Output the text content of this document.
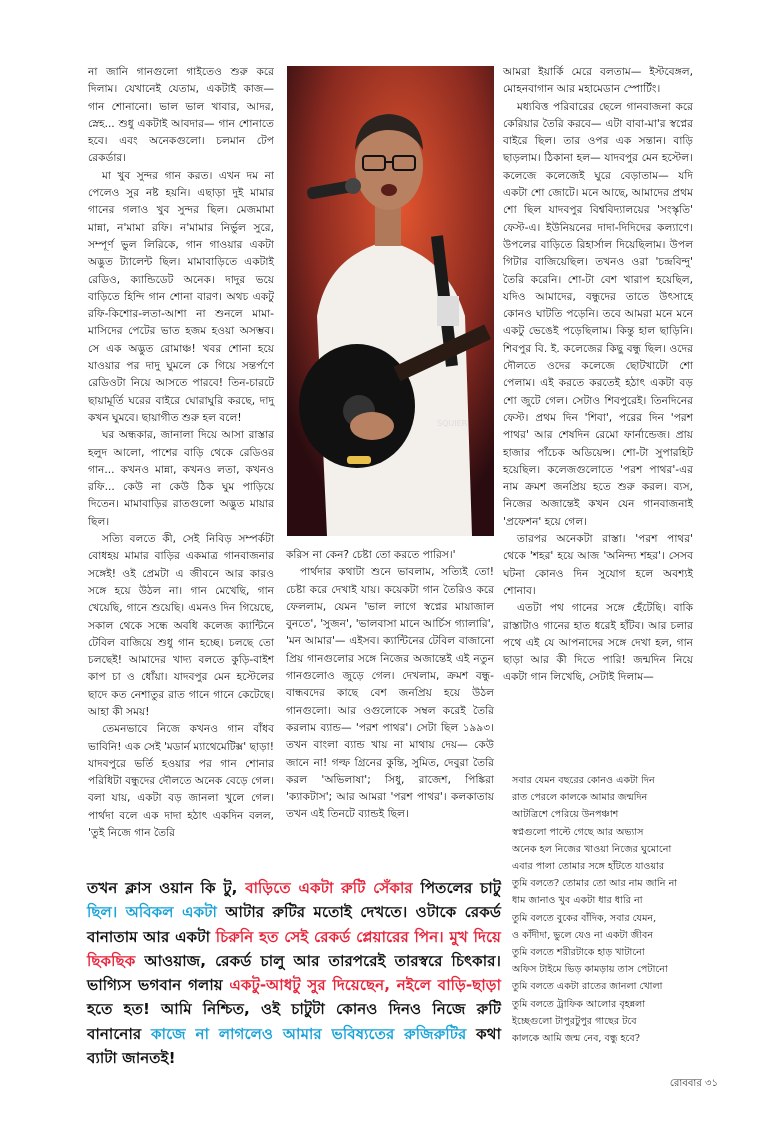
না জানি গানগুলো গাইতেও শুরু করে দিলাম। যেখানেই যেতাম, একটাই কাজ— গান শোনানো। ভাল ভাল খাবার, আদর, স্নেহ... শুধু একটাই আবদার— গান শোনাতে হবে। এবং অনেকগুলো। চলমান টেপ রেকর্ডার।

মা খুব সুন্দর গান করত। এখন দম না পেলেও সুর নষ্ট হয়নি। এছাড়া দুই মামার গানের গলাও খুব সুন্দর ছিল। মেজমামা মান্না, ন'মামা রফি। ন'মামার নির্ভুল সুরে, সম্পূর্ণ ভুল লিরিকে, গান গাওয়ার একটা অদ্ভুত ট্যালেন্ট ছিল। মামাবাড়িতে একটাই রেডিও, ক্যান্ডিডেট অনেক। দাদুর ভয়ে বাড়িতে হিন্দি গান শোনা বারণ। অথচ একটু রফি-কিশোর-লতা-আশা না শুনলে মামা-মাসিদের পেটের ভাত হজম হওয়া অসম্ভব। সে এক অদ্ভুত রোমাঞ্চ! খবর শোনা হয়ে যাওয়ার পর দাদু ঘুমলে কে গিয়ে সন্তর্পণে রেডিওটা নিয়ে আসতে পারবে! তিন-চারটে ছায়ামূর্তি ঘরের বাইরে ঘোরাঘুরি করছে, দাদু কখন ঘুমবে। ছায়াগীত শুরু হল বলে!

ঘর অন্ধকার, জানালা দিয়ে আসা রাস্তার হলুদ আলো, পাশের বাড়ি থেকে রেডিওর গান... কখনও মান্না, কখনও লতা, কখনও রফি... কেউ না কেউ ঠিক ঘুম পাড়িয়ে দিতেন। মামাবাড়ির রাতগুলো অদ্ভুত মায়ার ছিল।

সত্যি বলতে কী, সেই নিবিড় সম্পর্কটা বোধহয় মামার বাড়ির একমাত্র গানবাজনার সঙ্গেই! ওই প্রেমটা এ জীবনে আর কারও সঙ্গে হয়ে উঠল না। গান মেখেছি, গান খেয়েছি, গানে শুয়েছি। এমনও দিন গিয়েছে, সকাল থেকে সন্ধে অবধি কলেজ ক্যান্টিনে টেবিল বাজিয়ে শুধু গান হচ্ছে। চলছে তো চলছেই! আমাদের খাদ্য বলতে কুড়ি-বাইশ কাপ চা ও ধোঁয়া। যাদবপুর মেন হস্টেলের ছাদে কত নেশাতুর রাত গানে গানে কেটেছে। আহা কী সময়!

তেমনভাবে নিজে কখনও গান বাঁধব ভাবিনি! এক সেই 'মডার্ন ম্যাথেমেটিক্স' ছাড়া! যাদবপুরে ভর্তি হওয়ার পর গান শোনার পরিধিটা বন্ধুদের দৌলতে অনেক বেড়ে গেল। বলা যায়, একটা বড় জানলা খুলে গেল। পার্থদা বলে এক দাদা হঠাৎ একদিন বলল, 'তুই নিজে গান তৈরি

SQUIER

করিস না কেন? চেষ্টা তো করতে পারিস।'

পার্থদার কথাটা শুনে ভাবলাম, সত্যিই তো! চেষ্টা করে দেখাই যায়। কয়েকটা গান তৈরিও করে ফেললাম, যেমন 'ভাল লাগে স্বপ্নের মায়াজাল বুনতে', 'সুজন', 'ভালবাসা মানে আর্চিস গ্যালারি', 'মন আমার'— এইসব। ক্যান্টিনের টেবিল বাজানো প্রিয় গানগুলোর সঙ্গে নিজের অজান্তেই এই নতুন গানগুলোও জুড়ে গেল। দেখলাম, ক্রমশ বন্ধু-বান্ধবদের কাছে বেশ জনপ্রিয় হয়ে উঠল গানগুলো। আর ওগুলোকে সম্বল করেই তৈরি করলাম ব্যান্ড— 'পরশ পাথর'। সেটা ছিল ১৯৯৩। তখন বাংলা ব্যান্ড খায় না মাথায় দেয়— কেউ জানে না! গল্ফ গ্রিনের কুন্তি, সুমিত, দেবুরা তৈরি করল 'অভিলাষা'; সিধু, রাজেশ, পিঙ্কিরা 'ক্যাকটাস'; আর আমরা 'পরশ পাথর'। কলকাতায় তখন এই তিনটে ব্যান্ডই ছিল।

আমরা ইয়ার্কি মেরে বলতাম— ইস্টবেঙ্গল, মোহনবাগান আর মহামেডান স্পোর্টিং।

মধ্যবিত্ত পরিবারের ছেলে গানবাজনা করে কেরিয়ার তৈরি করবে— এটা বাবা-মা'র স্বপ্নের বাইরে ছিল। তার ওপর এক সন্তান। বাড়ি ছাড়লাম। ঠিকানা হল— যাদবপুর মেন হস্টেল। কলেজে কলেজেই ঘুরে বেড়াতাম— যদি একটা শো জোটে। মনে আছে, আমাদের প্রথম শো ছিল যাদবপুর বিশ্ববিদ্যালয়ের 'সংস্কৃতি' ফেস্ট-এ। ইউনিয়নের দাদা-দিদিদের কল্যাণে। উপলের বাড়িতে রিহার্সাল দিয়েছিলাম। উপল গিটার বাজিয়েছিল। তখনও ওরা 'চন্দ্রবিন্দু' তৈরি করেনি। শো-টা বেশ খারাপ হয়েছিল, যদিও আমাদের, বন্ধুদের তাতে উৎসাহে কোনও ঘাটতি পড়েনি। তবে আমরা মনে মনে একটু ভেঙেই পড়েছিলাম। কিন্তু হাল ছাড়িনি। শিবপুর বি. ই. কলেজের কিছু বন্ধু ছিল। ওদের দৌলতে ওদের কলেজে ছোটখাটো শো পেলাম। এই করতে করতেই হঠাৎ একটা বড় শো জুটে গেল। সেটাও শিবপুরেই। তিনদিনের ফেস্ট। প্রথম দিন 'শিবা', পরের দিন 'পরশ পাথর' আর শেষদিন রেমো ফার্নান্ডেজ। প্রায় হাজার পাঁচেক অডিয়েন্স। শো-টা সুপারহিট হয়েছিল। কলেজগুলোতে 'পরশ পাথর'-এর নাম ক্রমশ জনপ্রিয় হতে শুরু করল। ব্যস, নিজের অজান্তেই কখন যেন গানবাজনাই 'প্রফেশন' হয়ে গেল।

তারপর অনেকটা রাস্তা। 'পরশ পাথর' থেকে 'শহর' হয়ে আজ 'অনিন্দ্য শহর'। সেসব ঘটনা কোনও দিন সুযোগ হলে অবশ্যই শোনাব।

এতটা পথ গানের সঙ্গে হেঁটেছি। বাকি রাস্তাটাও গানের হাত ধরেই হাঁটব। আর চলার পথে এই যে আপনাদের সঙ্গে দেখা হল, গান ছাড়া আর কী দিতে পারি! জন্মদিন নিয়ে একটা গান লিখেছি, সেটাই দিলাম—

সবার যেমন বছরের কোনও একটা দিন
রাত পেরলে কালকে আমার জন্মদিন
আটত্রিশে পেরিয়ে উনপঞ্চাশ
স্বপ্নগুলো পাল্টে গেছে আর অভ্যাস
অনেক হল নিজের খাওয়া নিজের ঘুমোনো
এবার পালা তোমার সঙ্গে হাঁটতে যাওয়ার
তুমি বলতে? তোমার তো আর নাম জানি না
ধাম জানাও খুব একটা ধার ধারি না
তুমি বলতে বুকের বাঁদিক, সবার যেমন,
ও কাঁদীদা, ভুলে যেও না একটা জীবন
তুমি বলতে শরীরটাকে হাড় খাটানো
অফিস টাইমে ভিড় কামড়ায় তাস পেটানো
তুমি বলতে একটা রাতের জানলা খোলা
তুমি বলতে ট্রাফিক আলোর বৃহন্নলা
ইচ্ছেগুলো টাপুরটুপুর গাছের টবে
কালকে আমি জন্ম নেব, বন্ধু হবে?
তখন ক্লাস ওয়ান কি টু, বাড়িতে একটা রুটি সেঁকার পিতলের চাটু ছিল। অবিকল একটা আটার রুটির মতোই দেখতে। ওটাকে রেকর্ড বানাতাম আর একটা চিরুনি হত সেই রেকর্ড প্লেয়ারের পিন। মুখ দিয়ে ছিকছিক আওয়াজ, রেকর্ড চালু আর তারপরেই তারস্বরে চিৎকার। ভাগ্যিস ভগবান গলায় একটু-আধটু সুর দিয়েছেন, নইলে বাড়ি-ছাড়া হতে হত! আমি নিশ্চিত, ওই চাটুটা কোনও দিনও নিজে রুটি বানানোর কাজে না লাগলেও আমার ভবিষ্যতের রুজিরুটির কথা ব্যাটা জানতই!
রোববার ৩১
